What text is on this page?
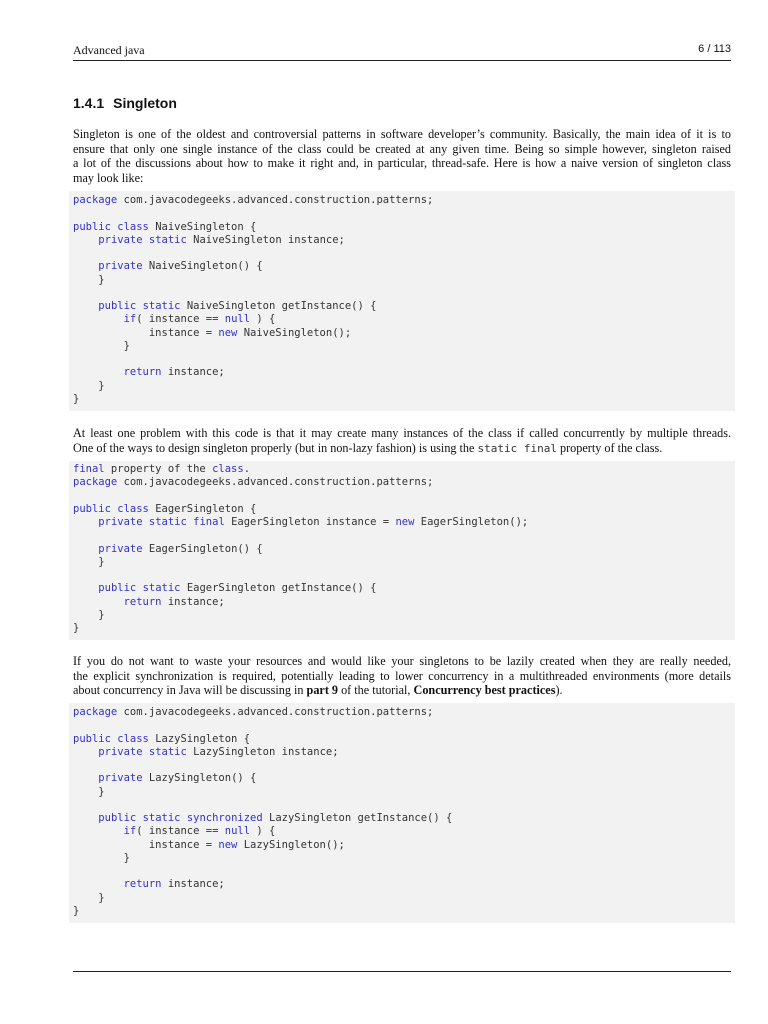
Advanced java	6 / 113
1.4.1 Singleton
Singleton is one of the oldest and controversial patterns in software developer’s community. Basically, the main idea of it is to
ensure that only one single instance of the class could be created at any given time. Being so simple however, singleton raised
a lot of the discussions about how to make it right and, in particular, thread-safe. Here is how a naive version of singleton class
may look like:
package com.javacodegeeks.advanced.construction.patterns;
public class NaiveSingleton {
private static NaiveSingleton instance;
private NaiveSingleton() {
}
public static NaiveSingleton getInstance() {
if( instance == null ) {
instance = new NaiveSingleton();
}
return instance;
}
}
At least one problem with this code is that it may create many instances of the class if called concurrently by multiple threads.
One of the ways to design singleton properly (but in non-lazy fashion) is using the static final property of the class.
final property of the class.
package com.javacodegeeks.advanced.construction.patterns;
public class EagerSingleton {
private static final EagerSingleton instance = new EagerSingleton();
private EagerSingleton() {
}
public static EagerSingleton getInstance() {
return instance;
}
}
If you do not want to waste your resources and would like your singletons to be lazily created when they are really needed,
the explicit synchronization is required, potentially leading to lower concurrency in a multithreaded environments (more details
about concurrency in Java will be discussing in part 9 of the tutorial, Concurrency best practices).
package com.javacodegeeks.advanced.construction.patterns;
public class LazySingleton {
private static LazySingleton instance;
private LazySingleton() {
}
public static synchronized LazySingleton getInstance() {
if( instance == null ) {
instance = new LazySingleton();
}
return instance;
}
}
